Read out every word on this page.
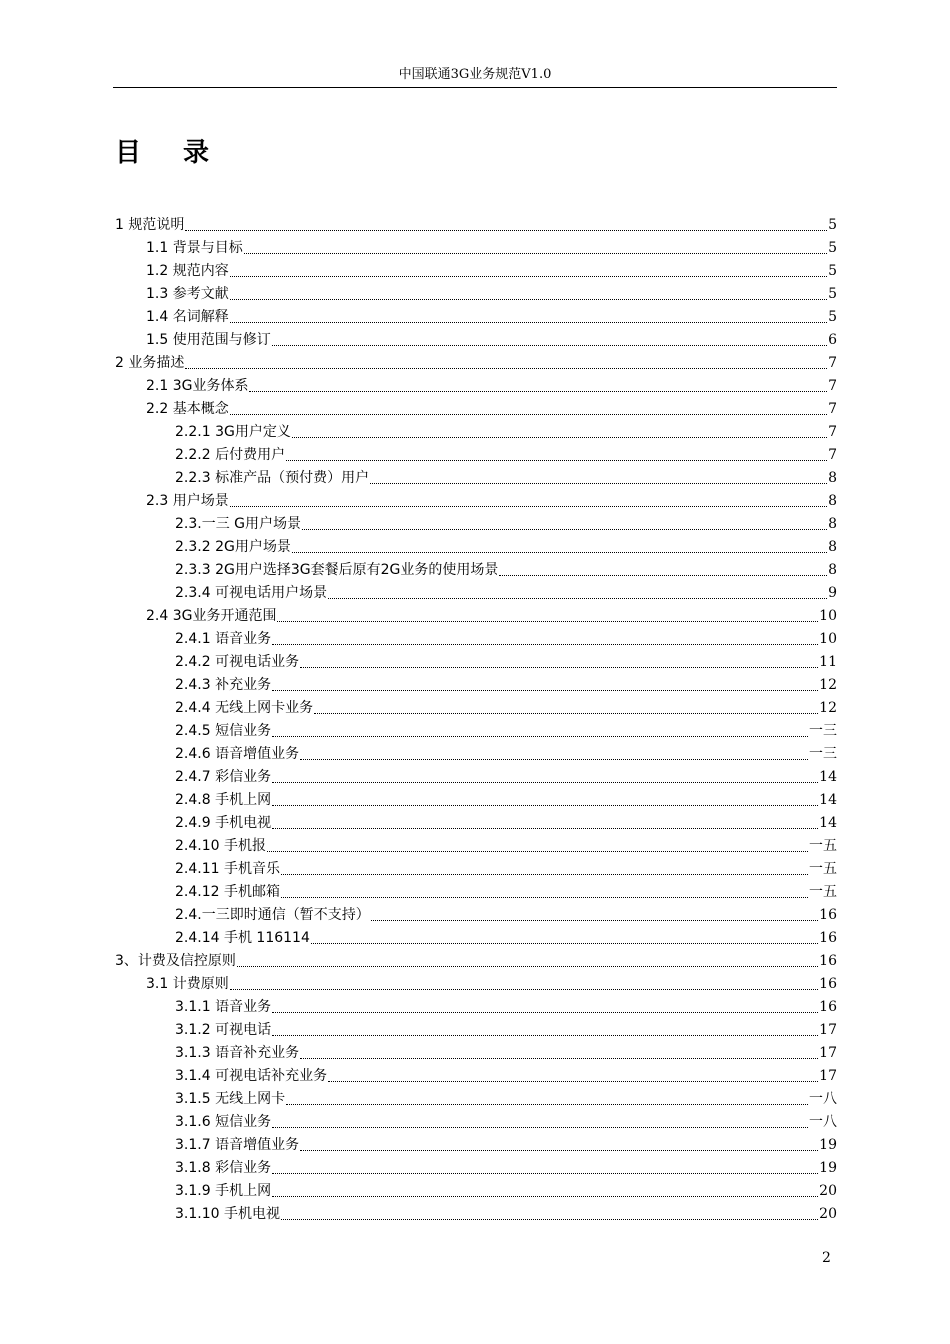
中国联通3G业务规范V1.0
目录
1 规范说明	5
1.1 背景与目标	5
1.2 规范内容	5
1.3 参考文献	5
1.4 名词解释	5
1.5 使用范围与修订	6
2 业务描述	7
2.1 3G业务体系	7
2.2 基本概念	7
2.2.1 3G用户定义	7
2.2.2 后付费用户	7
2.2.3 标准产品（预付费）用户	8
2.3 用户场景	8
2.3.一三 G用户场景	8
2.3.2 2G用户场景	8
2.3.3 2G用户选择3G套餐后原有2G业务的使用场景	8
2.3.4 可视电话用户场景	9
2.4 3G业务开通范围	10
2.4.1 语音业务	10
2.4.2 可视电话业务	11
2.4.3 补充业务	12
2.4.4 无线上网卡业务	12
2.4.5 短信业务	一三
2.4.6 语音增值业务	一三
2.4.7 彩信业务	14
2.4.8 手机上网	14
2.4.9 手机电视	14
2.4.10 手机报	一五
2.4.11 手机音乐	一五
2.4.12 手机邮箱	一五
2.4.一三即时通信（暂不支持）	16
2.4.14 手机 116114	16
3、计费及信控原则	16
3.1 计费原则	16
3.1.1 语音业务	16
3.1.2 可视电话	17
3.1.3 语音补充业务	17
3.1.4 可视电话补充业务	17
3.1.5 无线上网卡	一八
3.1.6 短信业务	一八
3.1.7 语音增值业务	19
3.1.8 彩信业务	19
3.1.9 手机上网	20
3.1.10 手机电视	20
2
